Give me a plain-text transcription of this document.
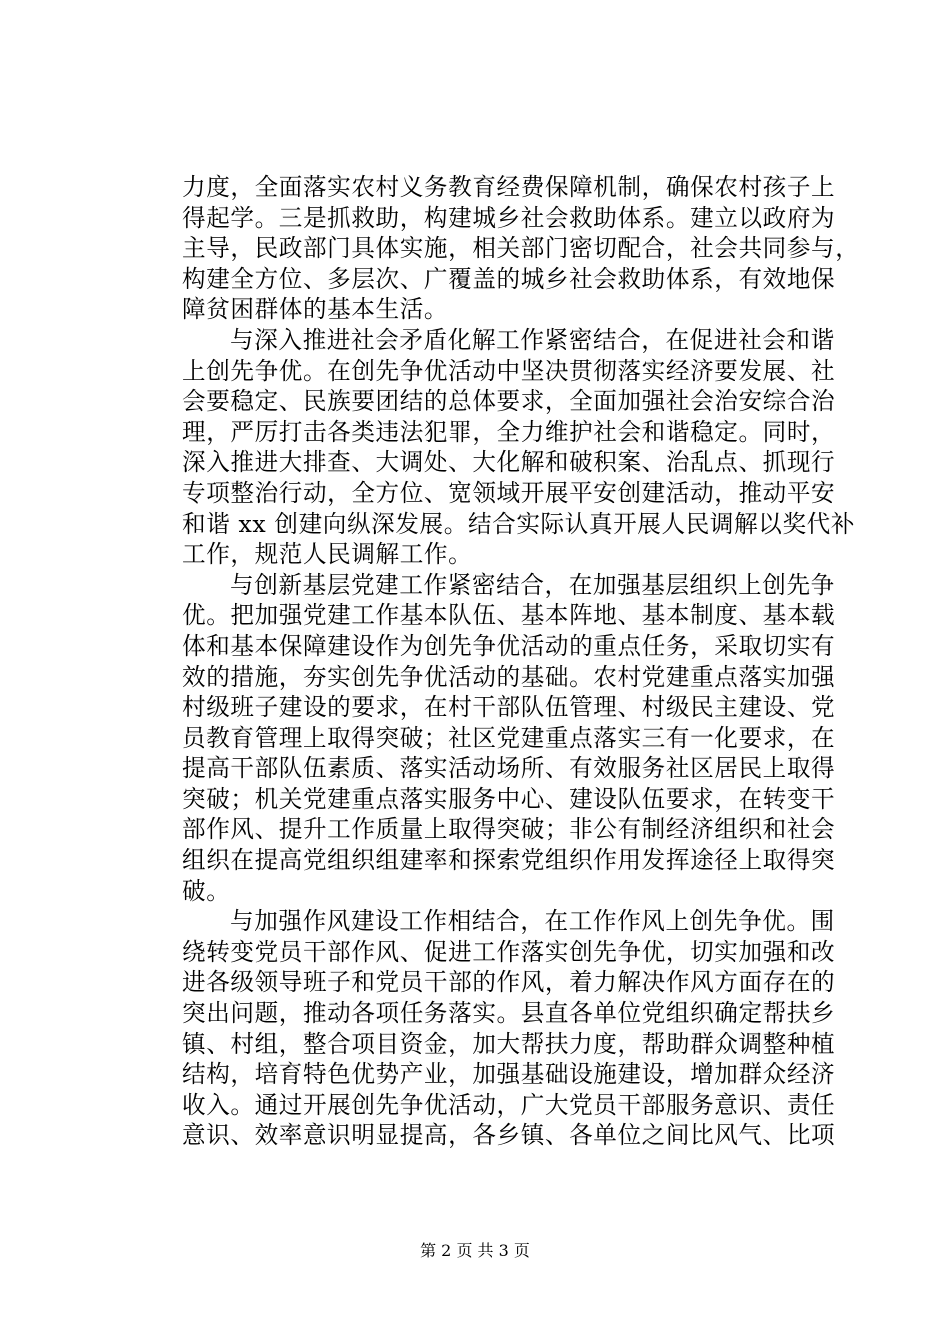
力度，全面落实农村义务教育经费保障机制，确保农村孩子上
得起学。三是抓救助，构建城乡社会救助体系。建立以政府为
主导，民政部门具体实施，相关部门密切配合，社会共同参与，
构建全方位、多层次、广覆盖的城乡社会救助体系，有效地保
障贫困群体的基本生活。
与深入推进社会矛盾化解工作紧密结合，在促进社会和谐
上创先争优。在创先争优活动中坚决贯彻落实经济要发展、社
会要稳定、民族要团结的总体要求，全面加强社会治安综合治
理，严厉打击各类违法犯罪，全力维护社会和谐稳定。同时，
深入推进大排查、大调处、大化解和破积案、治乱点、抓现行
专项整治行动，全方位、宽领域开展平安创建活动，推动平安
和谐 xx 创建向纵深发展。结合实际认真开展人民调解以奖代补
工作，规范人民调解工作。
与创新基层党建工作紧密结合，在加强基层组织上创先争
优。把加强党建工作基本队伍、基本阵地、基本制度、基本载
体和基本保障建设作为创先争优活动的重点任务，采取切实有
效的措施，夯实创先争优活动的基础。农村党建重点落实加强
村级班子建设的要求，在村干部队伍管理、村级民主建设、党
员教育管理上取得突破；社区党建重点落实三有一化要求，在
提高干部队伍素质、落实活动场所、有效服务社区居民上取得
突破；机关党建重点落实服务中心、建设队伍要求，在转变干
部作风、提升工作质量上取得突破；非公有制经济组织和社会
组织在提高党组织组建率和探索党组织作用发挥途径上取得突
破。
与加强作风建设工作相结合，在工作作风上创先争优。围
绕转变党员干部作风、促进工作落实创先争优，切实加强和改
进各级领导班子和党员干部的作风，着力解决作风方面存在的
突出问题，推动各项任务落实。县直各单位党组织确定帮扶乡
镇、村组，整合项目资金，加大帮扶力度，帮助群众调整种植
结构，培育特色优势产业，加强基础设施建设，增加群众经济
收入。通过开展创先争优活动，广大党员干部服务意识、责任
意识、效率意识明显提高，各乡镇、各单位之间比风气、比项
第 2 页 共 3 页
